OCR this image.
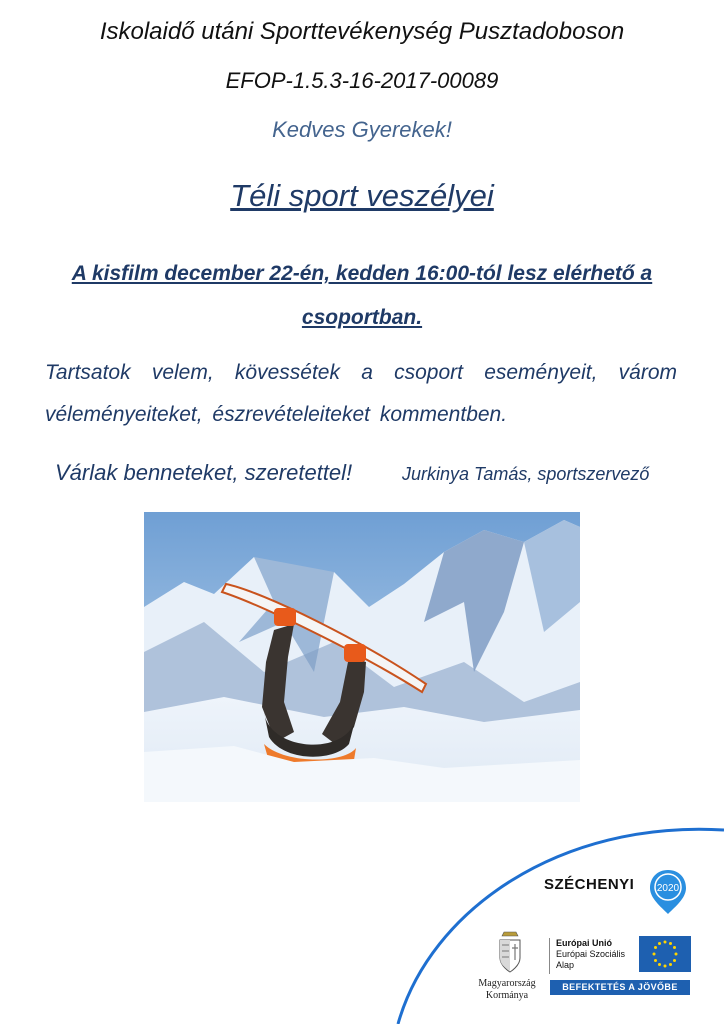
Iskolaidő utáni Sporttevékenység Pusztadoboson

EFOP-1.5.3-16-2017-00089

Kedves Gyerekek!

Téli sport veszélyei

A kisfilm december 22-én, kedden 16:00-tól lesz elérhető a csoportban.

Tartsatok velem, kövessétek a csoport eseményeit, várom véleményeiteket, észrevételeiteket kommentben.

Várlak benneteket, szeretettel!	Jurkinya Tamás, sportszervező
SZÉCHENYI 2020
Magyarország
Kormánya
Európai Unió
Európai Szociális
Alap
BEFEKTETÉS A JÖVŐBE
